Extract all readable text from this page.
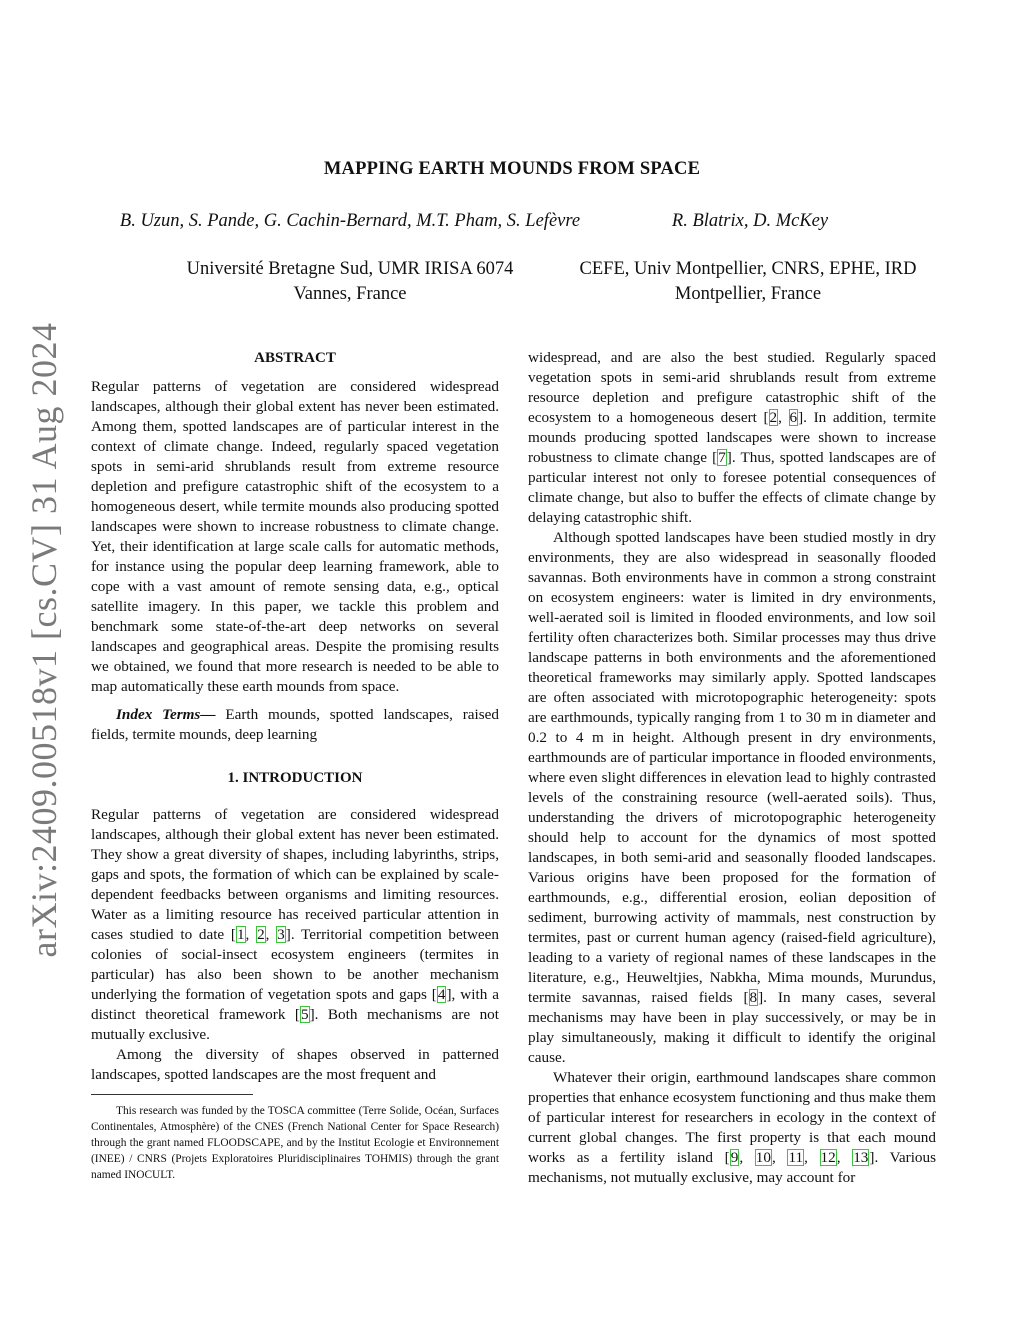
arXiv:2409.00518v1 [cs.CV] 31 Aug 2024
MAPPING EARTH MOUNDS FROM SPACE
B. Uzun, S. Pande, G. Cachin-Bernard, M.T. Pham, S. Lefèvre	R. Blatrix, D. McKey
Université Bretagne Sud, UMR IRISA 6074
Vannes, France
CEFE, Univ Montpellier, CNRS, EPHE, IRD
Montpellier, France
ABSTRACT

Regular patterns of vegetation are considered widespread landscapes, although their global extent has never been estimated. Among them, spotted landscapes are of particular interest in the context of climate change. Indeed, regularly spaced vegetation spots in semi-arid shrublands result from extreme resource depletion and prefigure catastrophic shift of the ecosystem to a homogeneous desert, while termite mounds also producing spotted landscapes were shown to increase robustness to climate change. Yet, their identification at large scale calls for automatic methods, for instance using the popular deep learning framework, able to cope with a vast amount of remote sensing data, e.g., optical satellite imagery. In this paper, we tackle this problem and benchmark some state-of-the-art deep networks on several landscapes and geographical areas. Despite the promising results we obtained, we found that more research is needed to be able to map automatically these earth mounds from space.

Index Terms— Earth mounds, spotted landscapes, raised fields, termite mounds, deep learning

1. INTRODUCTION

Regular patterns of vegetation are considered widespread landscapes, although their global extent has never been estimated. They show a great diversity of shapes, including labyrinths, strips, gaps and spots, the formation of which can be explained by scale-dependent feedbacks between organisms and limiting resources. Water as a limiting resource has received particular attention in cases studied to date [1, 2, 3]. Territorial competition between colonies of social-insect ecosystem engineers (termites in particular) has also been shown to be another mechanism underlying the formation of vegetation spots and gaps [4], with a distinct theoretical framework [5]. Both mechanisms are not mutually exclusive.

Among the diversity of shapes observed in patterned landscapes, spotted landscapes are the most frequent and

This research was funded by the TOSCA committee (Terre Solide, Océan, Surfaces Continentales, Atmosphère) of the CNES (French National Center for Space Research) through the grant named FLOODSCAPE, and by the Institut Ecologie et Environnement (INEE) / CNRS (Projets Exploratoires Pluridisciplinaires TOHMIS) through the grant named INOCULT.

widespread, and are also the best studied. Regularly spaced vegetation spots in semi-arid shrublands result from extreme resource depletion and prefigure catastrophic shift of the ecosystem to a homogeneous desert [2, 6]. In addition, termite mounds producing spotted landscapes were shown to increase robustness to climate change [7]. Thus, spotted landscapes are of particular interest not only to foresee potential consequences of climate change, but also to buffer the effects of climate change by delaying catastrophic shift.

Although spotted landscapes have been studied mostly in dry environments, they are also widespread in seasonally flooded savannas. Both environments have in common a strong constraint on ecosystem engineers: water is limited in dry environments, well-aerated soil is limited in flooded environments, and low soil fertility often characterizes both. Similar processes may thus drive landscape patterns in both environments and the aforementioned theoretical frameworks may similarly apply. Spotted landscapes are often associated with microtopographic heterogeneity: spots are earthmounds, typically ranging from 1 to 30 m in diameter and 0.2 to 4 m in height. Although present in dry environments, earthmounds are of particular importance in flooded environments, where even slight differences in elevation lead to highly contrasted levels of the constraining resource (well-aerated soils). Thus, understanding the drivers of microtopographic heterogeneity should help to account for the dynamics of most spotted landscapes, in both semi-arid and seasonally flooded landscapes. Various origins have been proposed for the formation of earthmounds, e.g., differential erosion, eolian deposition of sediment, burrowing activity of mammals, nest construction by termites, past or current human agency (raised-field agriculture), leading to a variety of regional names of these landscapes in the literature, e.g., Heuweltjies, Nabkha, Mima mounds, Murundus, termite savannas, raised fields [8]. In many cases, several mechanisms may have been in play successively, or may be in play simultaneously, making it difficult to identify the original cause.

Whatever their origin, earthmound landscapes share common properties that enhance ecosystem functioning and thus make them of particular interest for researchers in ecology in the context of current global changes. The first property is that each mound works as a fertility island [9, 10, 11, 12, 13]. Various mechanisms, not mutually exclusive, may account for
